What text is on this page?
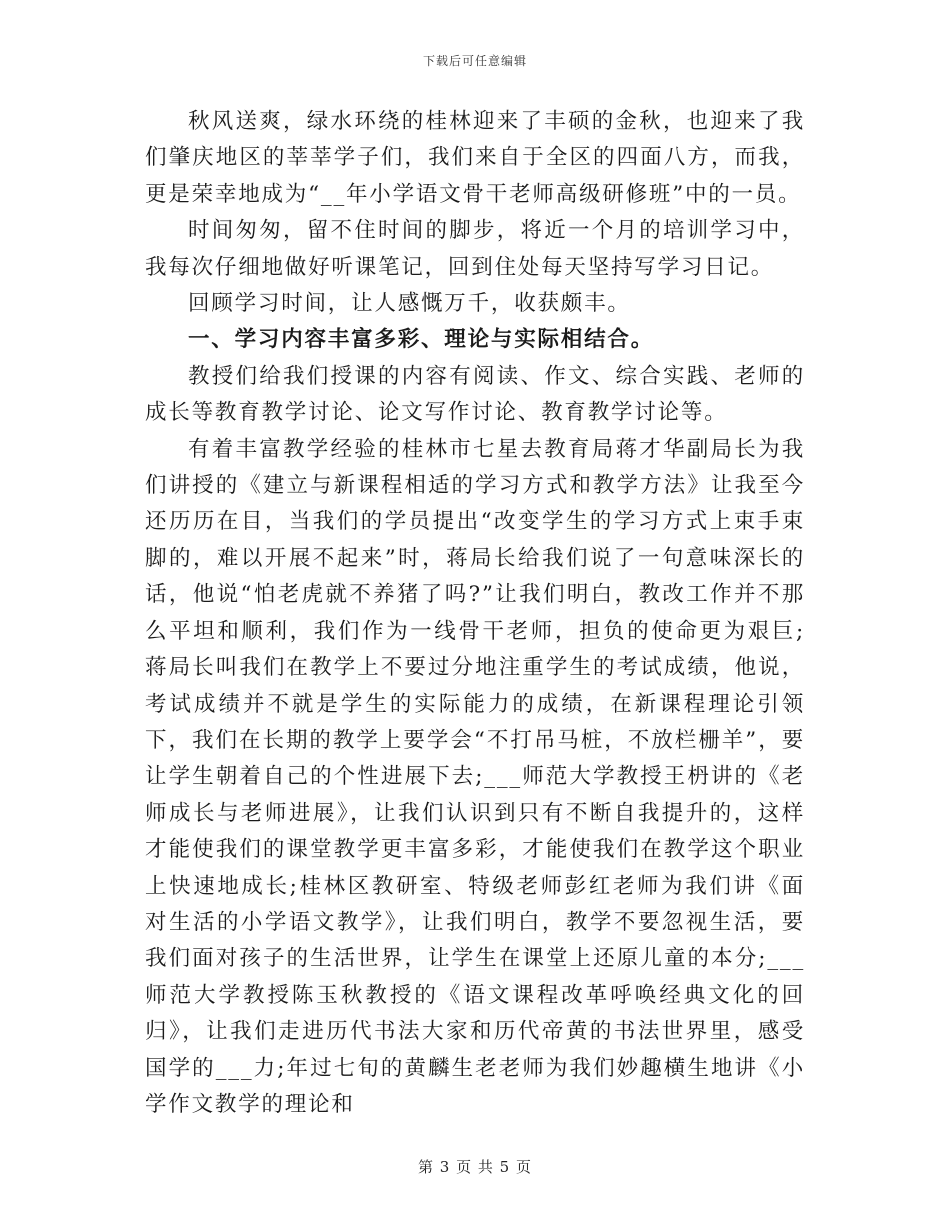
下载后可任意编辑

秋风送爽，绿水环绕的桂林迎来了丰硕的金秋，也迎来了我们肇庆地区的莘莘学子们，我们来自于全区的四面八方，而我，更是荣幸地成为“__年小学语文骨干老师高级研修班”中的一员。

时间匆匆，留不住时间的脚步，将近一个月的培训学习中，我每次仔细地做好听课笔记，回到住处每天坚持写学习日记。

回顾学习时间，让人感慨万千，收获颇丰。

一、学习内容丰富多彩、理论与实际相结合。

教授们给我们授课的内容有阅读、作文、综合实践、老师的成长等教育教学讨论、论文写作讨论、教育教学讨论等。

有着丰富教学经验的桂林市七星去教育局蒋才华副局长为我们讲授的《建立与新课程相适的学习方式和教学方法》让我至今还历历在目，当我们的学员提出“改变学生的学习方式上束手束脚的，难以开展不起来”时，蒋局长给我们说了一句意味深长的话，他说“怕老虎就不养猪了吗?”让我们明白，教改工作并不那么平坦和顺利，我们作为一线骨干老师，担负的使命更为艰巨;蒋局长叫我们在教学上不要过分地注重学生的考试成绩，他说，考试成绩并不就是学生的实际能力的成绩，在新课程理论引领下，我们在长期的教学上要学会“不打吊马桩，不放栏栅羊”，要让学生朝着自己的个性进展下去;___师范大学教授王枬讲的《老师成长与老师进展》，让我们认识到只有不断自我提升的，这样才能使我们的课堂教学更丰富多彩，才能使我们在教学这个职业上快速地成长;桂林区教研室、特级老师彭红老师为我们讲《面对生活的小学语文教学》，让我们明白，教学不要忽视生活，要我们面对孩子的生活世界，让学生在课堂上还原儿童的本分;___师范大学教授陈玉秋教授的《语文课程改革呼唤经典文化的回归》，让我们走进历代书法大家和历代帝黄的书法世界里，感受国学的___力;年过七旬的黄麟生老老师为我们妙趣横生地讲《小学作文教学的理论和

第 3 页 共 5 页
